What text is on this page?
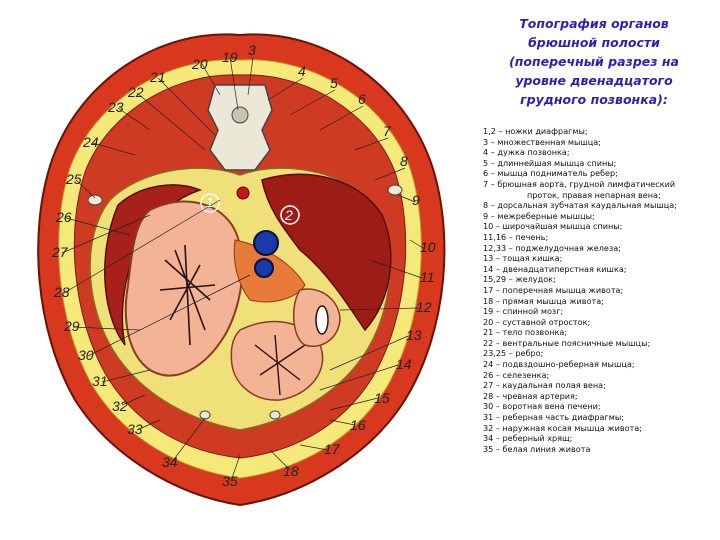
1
2
3
4
5
6
7
8
9
10
11
12
13
14
15
16
17
18
19
20
21
22
23
24
25
26
27
28
29
30
31
32
33
34
35
Топография органов
брюшной полости
(поперечный разрез на
уровне двенадцатого
грудного позвонка):
1,2 – ножки диафрагмы;
3 – множественная мышца;
4 – дужка позвонка;
5 – длиннейшая мышца спины;
6 – мышца подниматель ребер;
7 – брюшная аорта, грудной лимфатический
проток, правая непарная вена;
8 – дорсальная зубчатая каудальная мышца;
9 – межреберные мышцы;
10 – широчайшая мышца спины;
11,16 – печень;
12,33 – поджелудочная железа;
13 – тощая кишка;
14 – двенадцатиперстная кишка;
15,29 – желудок;
17 – поперечная мышца живота;
18 – прямая мышца живота;
19 – спинной мозг;
20 – суставной отросток;
21 – тело позвонка;
22 – вентральные поясничные мышцы;
23,25 – ребро;
24 – подвздошно-реберная мышца;
26 – селезенка;
27 – каудальная полая вена;
28 – чревная артерия;
30 – воротная вена печени;
31 – реберная часть диафрагмы;
32 – наружная косая мышца живота;
34 – реберный хрящ;
35 – белая линия живота
